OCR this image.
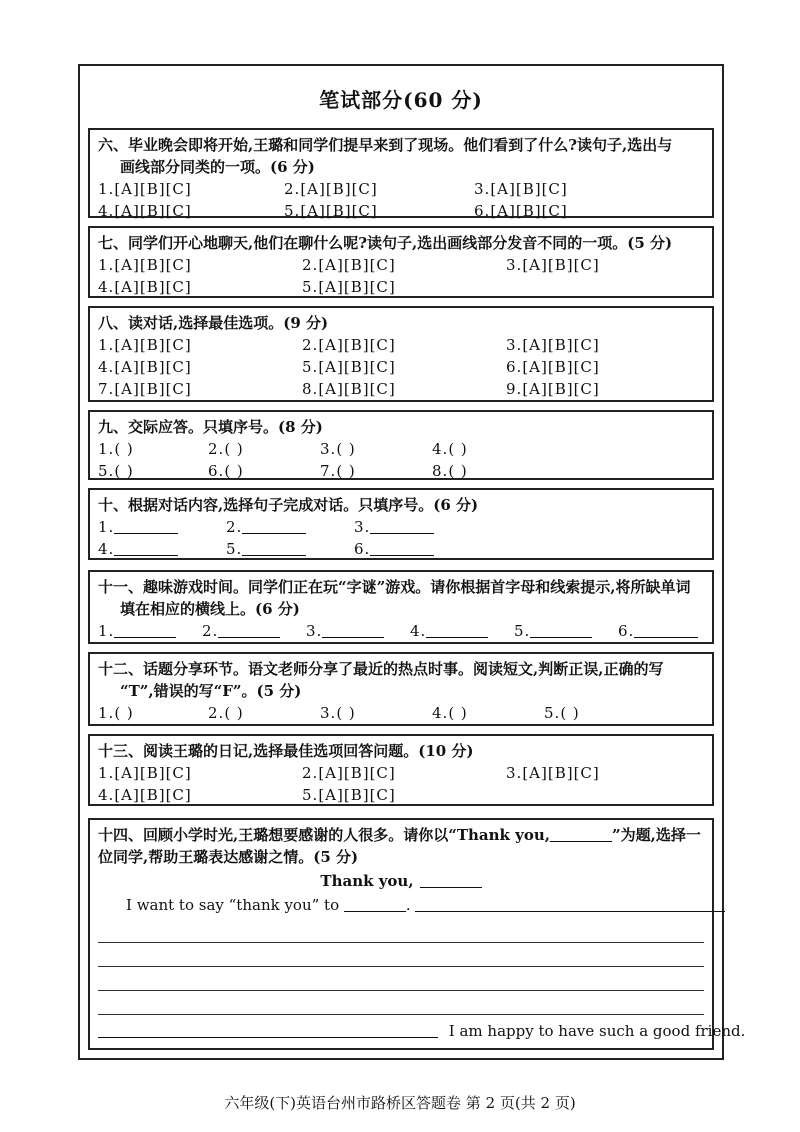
笔试部分(60 分)
六、毕业晚会即将开始,王璐和同学们提早来到了现场。他们看到了什么?读句子,选出与
画线部分同类的一项。(6 分)
1.[A][B][C]	2.[A][B][C]	3.[A][B][C]
4.[A][B][C]	5.[A][B][C]	6.[A][B][C]
七、同学们开心地聊天,他们在聊什么呢?读句子,选出画线部分发音不同的一项。(5 分)
1.[A][B][C]	2.[A][B][C]	3.[A][B][C]
4.[A][B][C]	5.[A][B][C]
八、读对话,选择最佳选项。(9 分)
1.[A][B][C]	2.[A][B][C]	3.[A][B][C]
4.[A][B][C]	5.[A][B][C]	6.[A][B][C]
7.[A][B][C]	8.[A][B][C]	9.[A][B][C]
九、交际应答。只填序号。(8 分)
1.( )	2.( )	3.( )	4.( )
5.( )	6.( )	7.( )	8.( )
十、根据对话内容,选择句子完成对话。只填序号。(6 分)
1.	2.	3.
4.	5.	6.
十一、趣味游戏时间。同学们正在玩“字谜”游戏。请你根据首字母和线索提示,将所缺单词
填在相应的横线上。(6 分)
1.	2.	3.	4.	5.	6.
十二、话题分享环节。语文老师分享了最近的热点时事。阅读短文,判断正误,正确的写
“T”,错误的写“F”。(5 分)
1.( )	2.( )	3.( )	4.( )	5.( )
十三、阅读王璐的日记,选择最佳选项回答问题。(10 分)
1.[A][B][C]	2.[A][B][C]	3.[A][B][C]
4.[A][B][C]	5.[A][B][C]
十四、回顾小学时光,王璐想要感谢的人很多。请你以“Thank you,	”为题,选择一
位同学,帮助王璐表达感谢之情。(5 分)
Thank you,
I want to say “thank you” to	.
I am happy to have such a good friend.
六年级(下)英语台州市路桥区答题卷 第 2 页(共 2 页)
